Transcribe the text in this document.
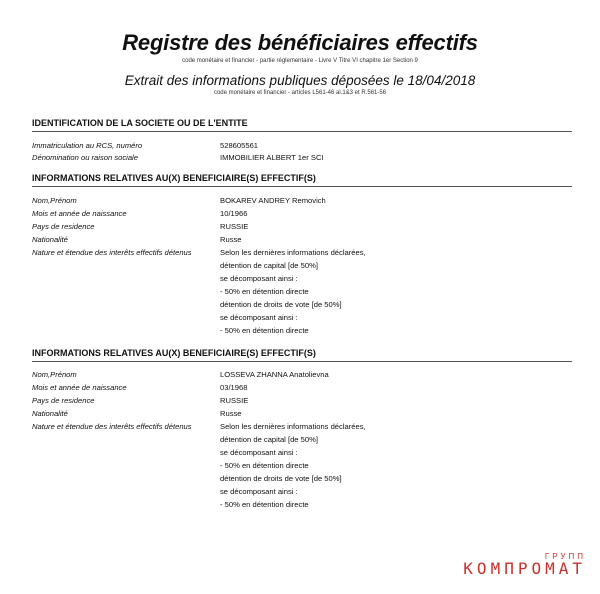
Registre des bénéficiaires effectifs
code monétaire et financier - partie réglementaire - Livre V Titre VI chapitre 1er Section 9
Extrait des informations publiques déposées le 18/04/2018
code monétaire et financier - articles L561-46 al.1&3 et R.561-56
IDENTIFICATION DE LA SOCIETE OU DE L'ENTITE
Immatriculation au RCS, numéro	528605561
Dénomination ou raison sociale	IMMOBILIER ALBERT 1er SCI
INFORMATIONS RELATIVES AU(X) BENEFICIAIRE(S) EFFECTIF(S)
Nom,Prénom	BOKAREV ANDREY Removich
Mois et année de naissance	10/1966
Pays de residence	RUSSIE
Nationalité	Russe
Nature et étendue des interêts effectifs détenus	Selon les dernières informations déclarées,
détention de capital [de 50%]
se décomposant ainsi :
- 50% en détention directe
détention de droits de vote [de 50%]
se décomposant ainsi :
- 50% en détention directe
INFORMATIONS RELATIVES AU(X) BENEFICIAIRE(S) EFFECTIF(S)
Nom,Prénom	LOSSEVA ZHANNA Anatolievna
Mois et année de naissance	03/1968
Pays de residence	RUSSIE
Nationalité	Russe
Nature et étendue des interêts effectifs détenus	Selon les dernières informations déclarées,
détention de capital [de 50%]
se décomposant ainsi :
- 50% en détention directe
détention de droits de vote [de 50%]
se décomposant ainsi :
- 50% en détention directe
ГРУПП
КОМПРОМАТ
